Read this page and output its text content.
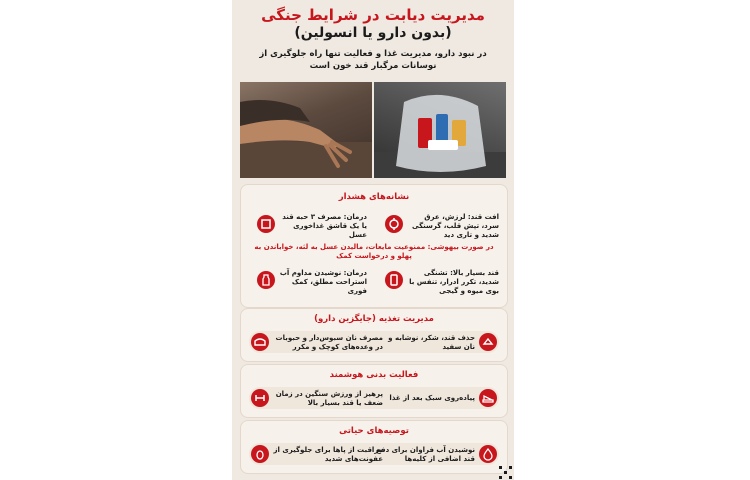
مدیریت دیابت در شرایط جنگی
(بدون دارو یا انسولین)
در نبود دارو، مدیریت غذا و فعالیت تنها راه جلوگیری از نوسانات مرگبار قند خون است
نشانه‌های هشدار
افت قند: لرزش، عرق سرد، تپش قلب، گرسنگی شدید و تاری دید
درمان: مصرف ۳ حبه قند یا یک قاشق غذاخوری عسل
در صورت بیهوشی: ممنوعیت مایعات، مالیدن عسل به لثه، خواباندن به پهلو و درخواست کمک
قند بسیار بالا: تشنگی شدید، تکرر ادرار، تنفس با بوی میوه و گیجی
درمان: نوشیدن مداوم آب استراحت مطلق، کمک فوری
مدیریت تغذیه (جایگزین دارو)
حذف قند، شکر، نوشابه و نان سفید
مصرف نان سبوس‌دار و حبوبات در وعده‌های کوچک و مکرر
فعالیت بدنی هوشمند
پیاده‌روی سبک بعد از غذا
پرهیز از ورزش سنگین در زمان ضعف یا قند بسیار بالا
توصیه‌های حیاتی
نوشیدن آب فراوان برای دفع قند اضافی از کلیه‌ها
مراقبت از پاها برای جلوگیری از عفونت‌های شدید
